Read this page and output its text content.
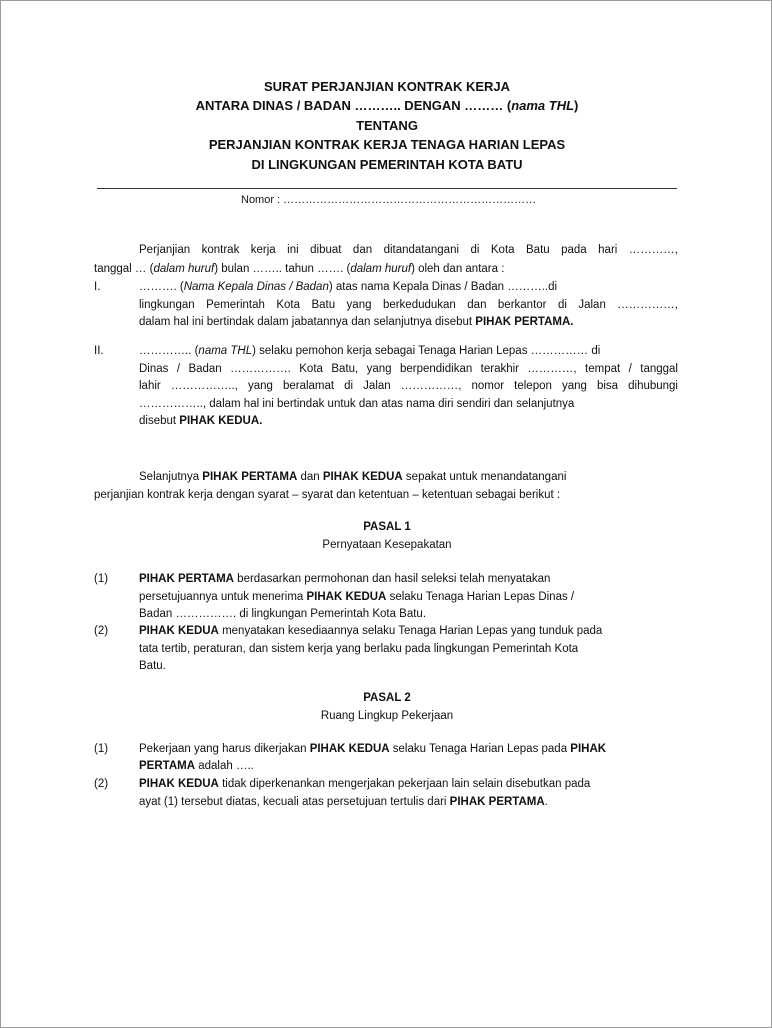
SURAT PERJANJIAN KONTRAK KERJA
ANTARA DINAS / BADAN ……….. DENGAN ……… (nama THL)
TENTANG
PERJANJIAN KONTRAK KERJA TENAGA HARIAN LEPAS
DI LINGKUNGAN PEMERINTAH KOTA BATU
Nomor : ……………………………………………………………
Perjanjian kontrak kerja ini dibuat dan ditandatangani di Kota Batu pada hari …………,
tanggal … (dalam huruf) bulan …….. tahun ……. (dalam huruf) oleh dan antara :
I.	………. (Nama Kepala Dinas / Badan) atas nama Kepala Dinas / Badan ………..di
lingkungan Pemerintah Kota Batu yang berkedudukan dan berkantor di Jalan ……………,
dalam hal ini bertindak dalam jabatannya dan selanjutnya disebut PIHAK PERTAMA.
II.	………….. (nama THL) selaku pemohon kerja sebagai Tenaga Harian Lepas …………… di
Dinas / Badan ……………. Kota Batu, yang berpendidikan terakhir …………, tempat / tanggal
lahir …………….., yang beralamat di Jalan ……………, nomor telepon yang bisa dihubungi
…………….., dalam hal ini bertindak untuk dan atas nama diri sendiri dan selanjutnya
disebut PIHAK KEDUA.
Selanjutnya PIHAK PERTAMA dan PIHAK KEDUA sepakat untuk menandatangani
perjanjian kontrak kerja dengan syarat – syarat dan ketentuan – ketentuan sebagai berikut :
PASAL 1
Pernyataan Kesepakatan
(1)	PIHAK PERTAMA berdasarkan permohonan dan hasil seleksi telah menyatakan
persetujuannya untuk menerima PIHAK KEDUA selaku Tenaga Harian Lepas Dinas /
Badan ……………. di lingkungan Pemerintah Kota Batu.
(2)	PIHAK KEDUA menyatakan kesediaannya selaku Tenaga Harian Lepas yang tunduk pada
tata tertib, peraturan, dan sistem kerja yang berlaku pada lingkungan Pemerintah Kota
Batu.
PASAL 2
Ruang Lingkup Pekerjaan
(1)	Pekerjaan yang harus dikerjakan PIHAK KEDUA selaku Tenaga Harian Lepas pada PIHAK
PERTAMA adalah …..
(2)	PIHAK KEDUA tidak diperkenankan mengerjakan pekerjaan lain selain disebutkan pada
ayat (1) tersebut diatas, kecuali atas persetujuan tertulis dari PIHAK PERTAMA.
